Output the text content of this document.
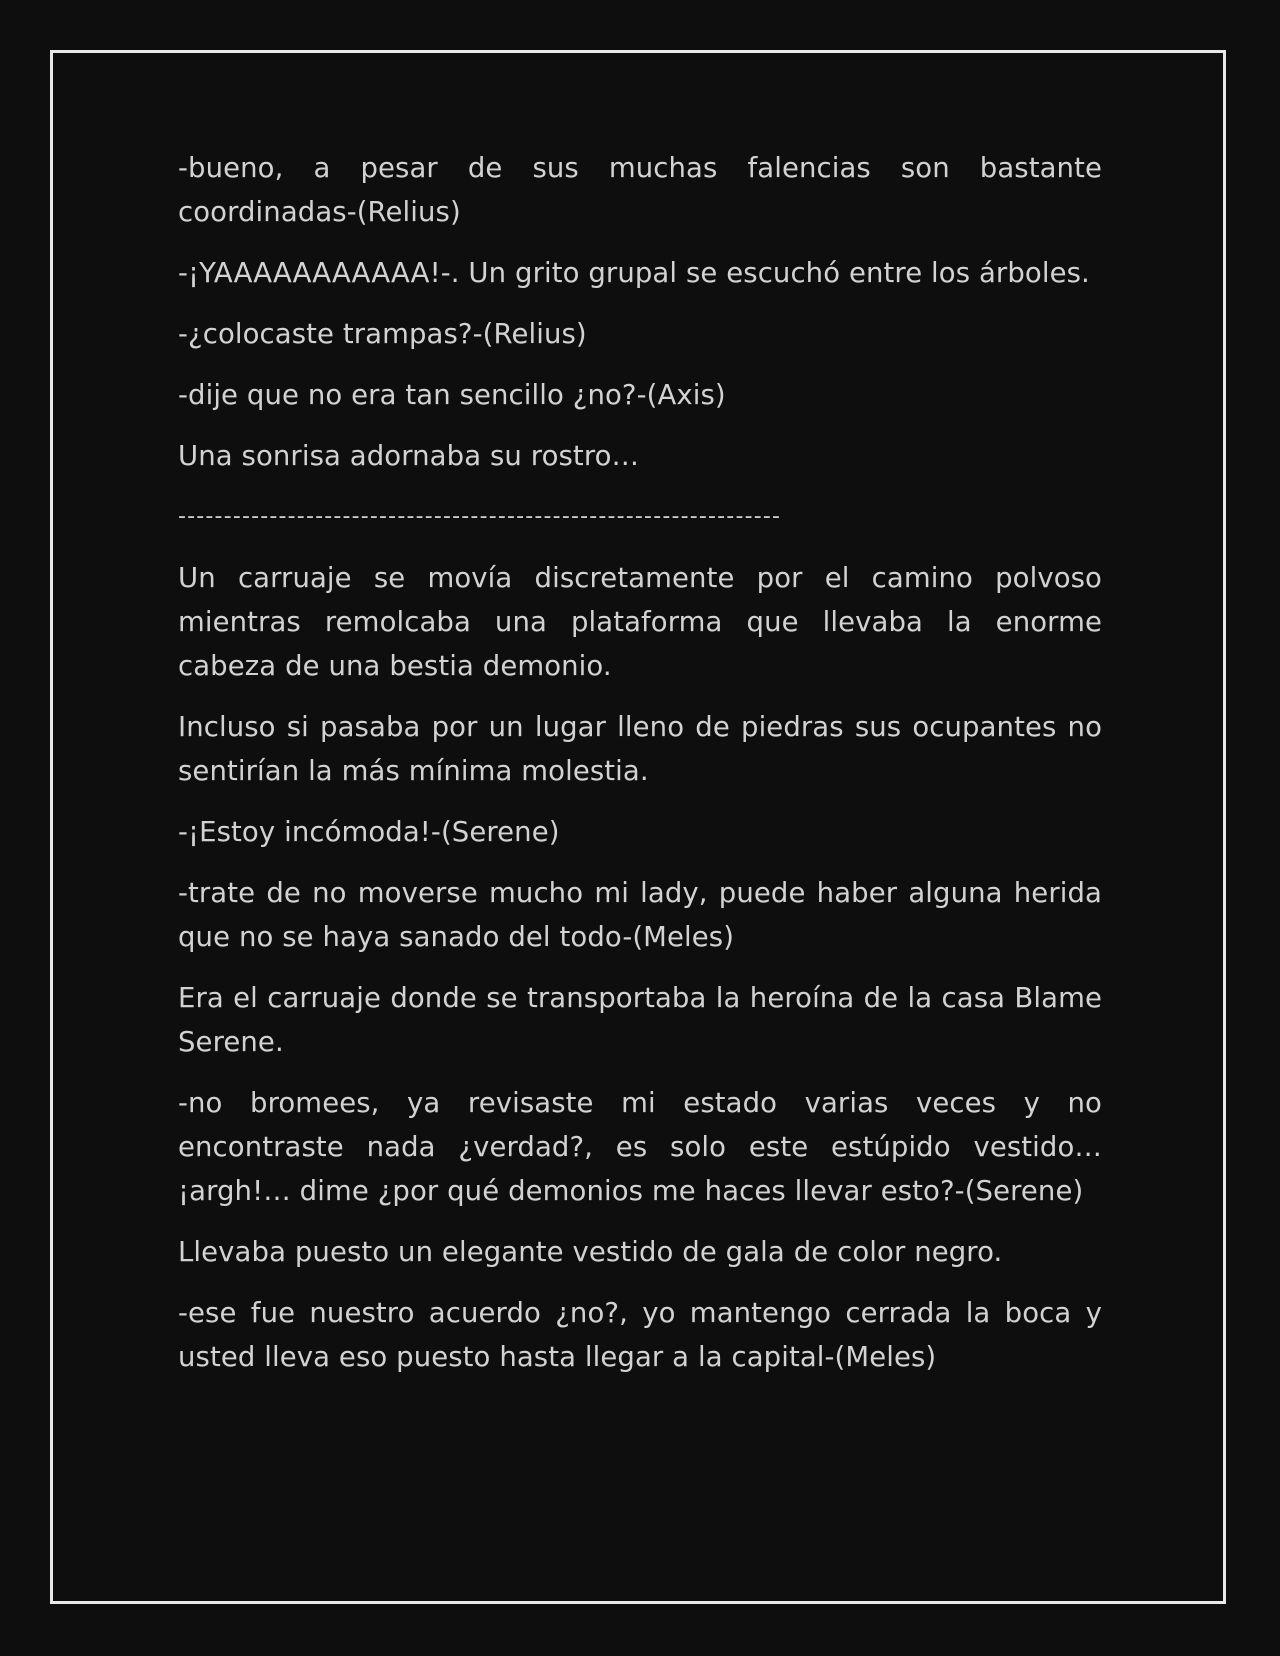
-bueno, a pesar de sus muchas falencias son bastante coordinadas-(Relius)

-¡YAAAAAAAAAAA!-. Un grito grupal se escuchó entre los árboles.

-¿colocaste trampas?-(Relius)

-dije que no era tan sencillo ¿no?-(Axis)

Una sonrisa adornaba su rostro…

------------------------------------------------------------------

Un carruaje se movía discretamente por el camino polvoso mientras remolcaba una plataforma que llevaba la enorme cabeza de una bestia demonio.

Incluso si pasaba por un lugar lleno de piedras sus ocupantes no sentirían la más mínima molestia.

-¡Estoy incómoda!-(Serene)

-trate de no moverse mucho mi lady, puede haber alguna herida que no se haya sanado del todo-(Meles)

Era el carruaje donde se transportaba la heroína de la casa Blame Serene.

-no bromees, ya revisaste mi estado varias veces y no encontraste nada ¿verdad?, es solo este estúpido vestido… ¡argh!… dime ¿por qué demonios me haces llevar esto?-(Serene)

Llevaba puesto un elegante vestido de gala de color negro.

-ese fue nuestro acuerdo ¿no?, yo mantengo cerrada la boca y usted lleva eso puesto hasta llegar a la capital-(Meles)
